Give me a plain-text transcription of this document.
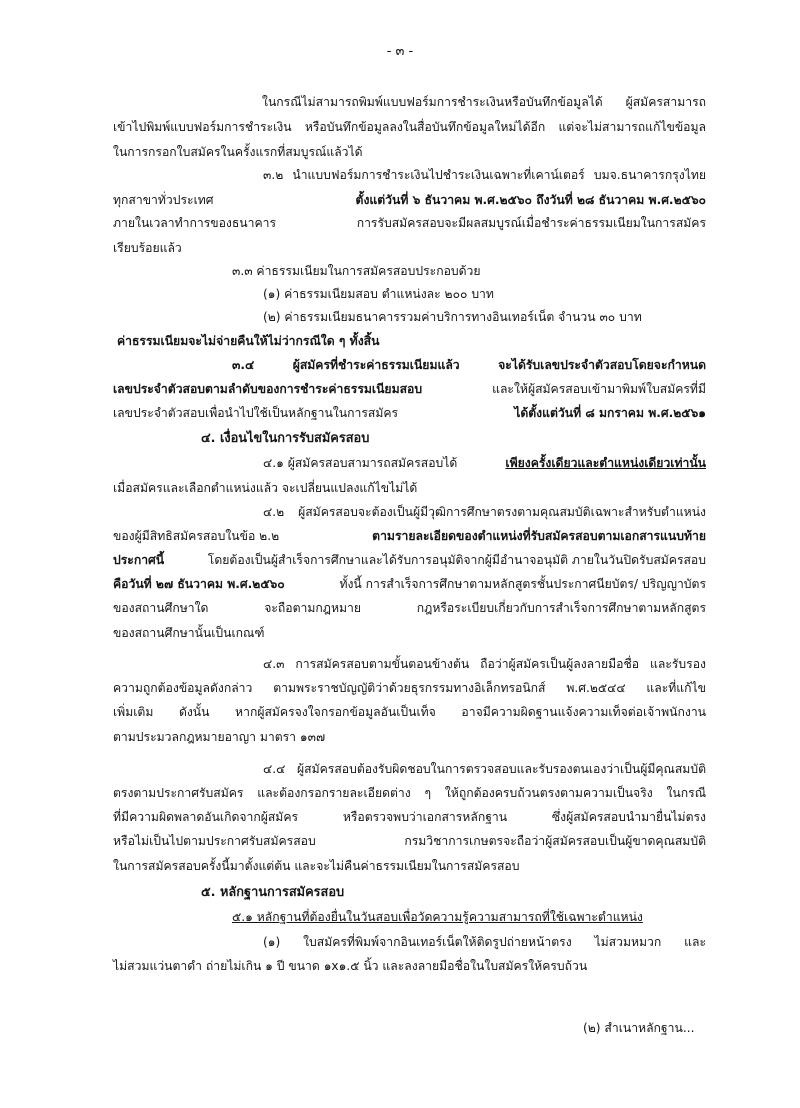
- ๓ -
ในกรณีไม่สามารถพิมพ์แบบฟอร์มการชำระเงินหรือบันทึกข้อมูลได้ ผู้สมัครสามารถ
เข้าไปพิมพ์แบบฟอร์มการชำระเงิน หรือบันทึกข้อมูลลงในสื่อบันทึกข้อมูลใหม่ได้อีก แต่จะไม่สามารถแก้ไขข้อมูล
ในการกรอกใบสมัครในครั้งแรกที่สมบูรณ์แล้วได้
๓.๒ นำแบบฟอร์มการชำระเงินไปชำระเงินเฉพาะที่เคาน์เตอร์ บมจ.ธนาคารกรุงไทย
ทุกสาขาทั่วประเทศ	ตั้งแต่วันที่ ๖ ธันวาคม พ.ศ.๒๕๖๐ ถึงวันที่ ๒๘ ธันวาคม พ.ศ.๒๕๖๐
ภายในเวลาทำการของธนาคาร การรับสมัครสอบจะมีผลสมบูรณ์เมื่อชำระค่าธรรมเนียมในการสมัคร
เรียบร้อยแล้ว
๓.๓ ค่าธรรมเนียมในการสมัครสอบประกอบด้วย
(๑) ค่าธรรมเนียมสอบ ตำแหน่งละ ๒๐๐ บาท
(๒) ค่าธรรมเนียมธนาคารรวมค่าบริการทางอินเทอร์เน็ต จำนวน ๓๐ บาท
ค่าธรรมเนียมจะไม่จ่ายคืนให้ไม่ว่ากรณีใด ๆ ทั้งสิ้น
๓.๔ ผู้สมัครที่ชำระค่าธรรมเนียมแล้ว จะได้รับเลขประจำตัวสอบโดยจะกำหนด
เลขประจำตัวสอบตามลำดับของการชำระค่าธรรมเนียมสอบ	และให้ผู้สมัครสอบเข้ามาพิมพ์ใบสมัครที่มี
เลขประจำตัวสอบเพื่อนำไปใช้เป็นหลักฐานในการสมัคร	ได้ตั้งแต่วันที่ ๘ มกราคม พ.ศ.๒๕๖๑
๔. เงื่อนไขในการรับสมัครสอบ
๔.๑ ผู้สมัครสอบสามารถสมัครสอบได้	เพียงครั้งเดียวและตำแหน่งเดียวเท่านั้น
เมื่อสมัครและเลือกตำแหน่งแล้ว จะเปลี่ยนแปลงแก้ไขไม่ได้
๔.๒ ผู้สมัครสอบจะต้องเป็นผู้มีวุฒิการศึกษาตรงตามคุณสมบัติเฉพาะสำหรับตำแหน่ง
ของผู้มีสิทธิสมัครสอบในข้อ ๒.๒	ตามรายละเอียดของตำแหน่งที่รับสมัครสอบตามเอกสารแนบท้าย
ประกาศนี้	โดยต้องเป็นผู้สำเร็จการศึกษาและได้รับการอนุมัติจากผู้มีอำนาจอนุมัติ ภายในวันปิดรับสมัครสอบ
คือวันที่ ๒๗ ธันวาคม พ.ศ.๒๕๖๐	ทั้งนี้ การสำเร็จการศึกษาตามหลักสูตรชั้นประกาศนียบัตร/ ปริญญาบัตร
ของสถานศึกษาใด จะถือตามกฎหมาย กฎหรือระเบียบเกี่ยวกับการสำเร็จการศึกษาตามหลักสูตร
ของสถานศึกษานั้นเป็นเกณฑ์
๔.๓ การสมัครสอบตามขั้นตอนข้างต้น ถือว่าผู้สมัครเป็นผู้ลงลายมือชื่อ และรับรอง
ความถูกต้องข้อมูลดังกล่าว ตามพระราชบัญญัติว่าด้วยธุรกรรมทางอิเล็กทรอนิกส์ พ.ศ.๒๕๔๔ และที่แก้ไข
เพิ่มเติม ดังนั้น หากผู้สมัครจงใจกรอกข้อมูลอันเป็นเท็จ อาจมีความผิดฐานแจ้งความเท็จต่อเจ้าพนักงาน
ตามประมวลกฎหมายอาญา มาตรา ๑๓๗
๔.๔ ผู้สมัครสอบต้องรับผิดชอบในการตรวจสอบและรับรองตนเองว่าเป็นผู้มีคุณสมบัติ
ตรงตามประกาศรับสมัคร และต้องกรอกรายละเอียดต่าง ๆ ให้ถูกต้องครบถ้วนตรงตามความเป็นจริง ในกรณี
ที่มีความผิดพลาดอันเกิดจากผู้สมัคร หรือตรวจพบว่าเอกสารหลักฐาน ซึ่งผู้สมัครสอบนำมายื่นไม่ตรง
หรือไม่เป็นไปตามประกาศรับสมัครสอบ กรมวิชาการเกษตรจะถือว่าผู้สมัครสอบเป็นผู้ขาดคุณสมบัติ
ในการสมัครสอบครั้งนี้มาตั้งแต่ต้น และจะไม่คืนค่าธรรมเนียมในการสมัครสอบ
๕. หลักฐานการสมัครสอบ
๕.๑ หลักฐานที่ต้องยื่นในวันสอบเพื่อวัดความรู้ความสามารถที่ใช้เฉพาะตำแหน่ง
(๑) ใบสมัครที่พิมพ์จากอินเทอร์เน็ตให้ติดรูปถ่ายหน้าตรง ไม่สวมหมวก และ
ไม่สวมแว่นตาดำ ถ่ายไม่เกิน ๑ ปี ขนาด ๑x๑.๕ นิ้ว และลงลายมือชื่อในใบสมัครให้ครบถ้วน
(๒) สำเนาหลักฐาน...
